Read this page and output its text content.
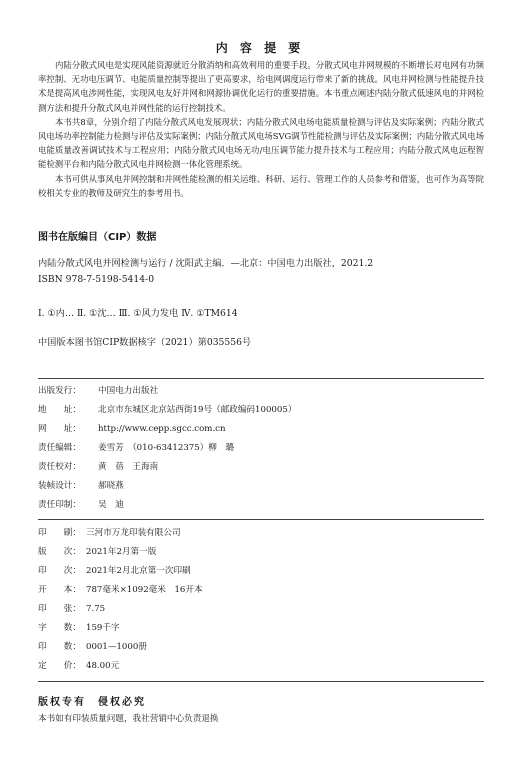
内 容 提 要

内陆分散式风电是实现风能资源就近分散消纳和高效利用的重要手段。分散式风电并网规模的不断增长对电网有功频率控制、无功电压调节、电能质量控制等提出了更高要求，给电网调度运行带来了新的挑战。风电并网检测与性能提升技术是提高风电涉网性能，实现风电友好并网和网源协调优化运行的重要措施。本书重点阐述内陆分散式低速风电的并网检测方法和提升分散式风电并网性能的运行控制技术。

本书共8章，分别介绍了内陆分散式风电发展现状；内陆分散式风电场电能质量检测与评估及实际案例；内陆分散式风电场功率控制能力检测与评估及实际案例；内陆分散式风电场SVG调节性能检测与评估及实际案例；内陆分散式风电场电能质量改善调试技术与工程应用；内陆分散式风电场无功/电压调节能力提升技术与工程应用；内陆分散式风电远程智能检测平台和内陆分散式风电并网检测一体化管理系统。

本书可供从事风电并网控制和并网性能检测的相关运维、科研、运行、管理工作的人员参考和借鉴，也可作为高等院校相关专业的教师及研究生的参考用书。

图书在版编目（CIP）数据
内陆分散式风电并网检测与运行 / 沈阳武主编．—北京：中国电力出版社，2021.2
ISBN 978-7-5198-5414-0
Ⅰ. ①内… Ⅱ. ①沈… Ⅲ. ①风力发电 Ⅳ. ①TM614
中国版本图书馆CIP数据核字（2021）第035556号
出版发行： 中国电力出版社
地　　址： 北京市东城区北京站西街19号（邮政编码100005）
网　　址： http://www.cepp.sgcc.com.cn
责任编辑： 姜雪芳　（010-63412375）柳　璐
责任校对： 黄　蓓　王海南
装帧设计： 郝晓燕
责任印制： 吴　迪
印　　刷： 三河市万龙印装有限公司
版　　次： 2021年2月第一版
印　　次： 2021年2月北京第一次印刷
开　　本： 787毫米×1092毫米　16开本
印　　张： 7.75
字　　数： 159千字
印　　数： 0001—1000册
定　　价： 48.00元
版权专有　侵权必究
本书如有印装质量问题，我社营销中心负责退换
